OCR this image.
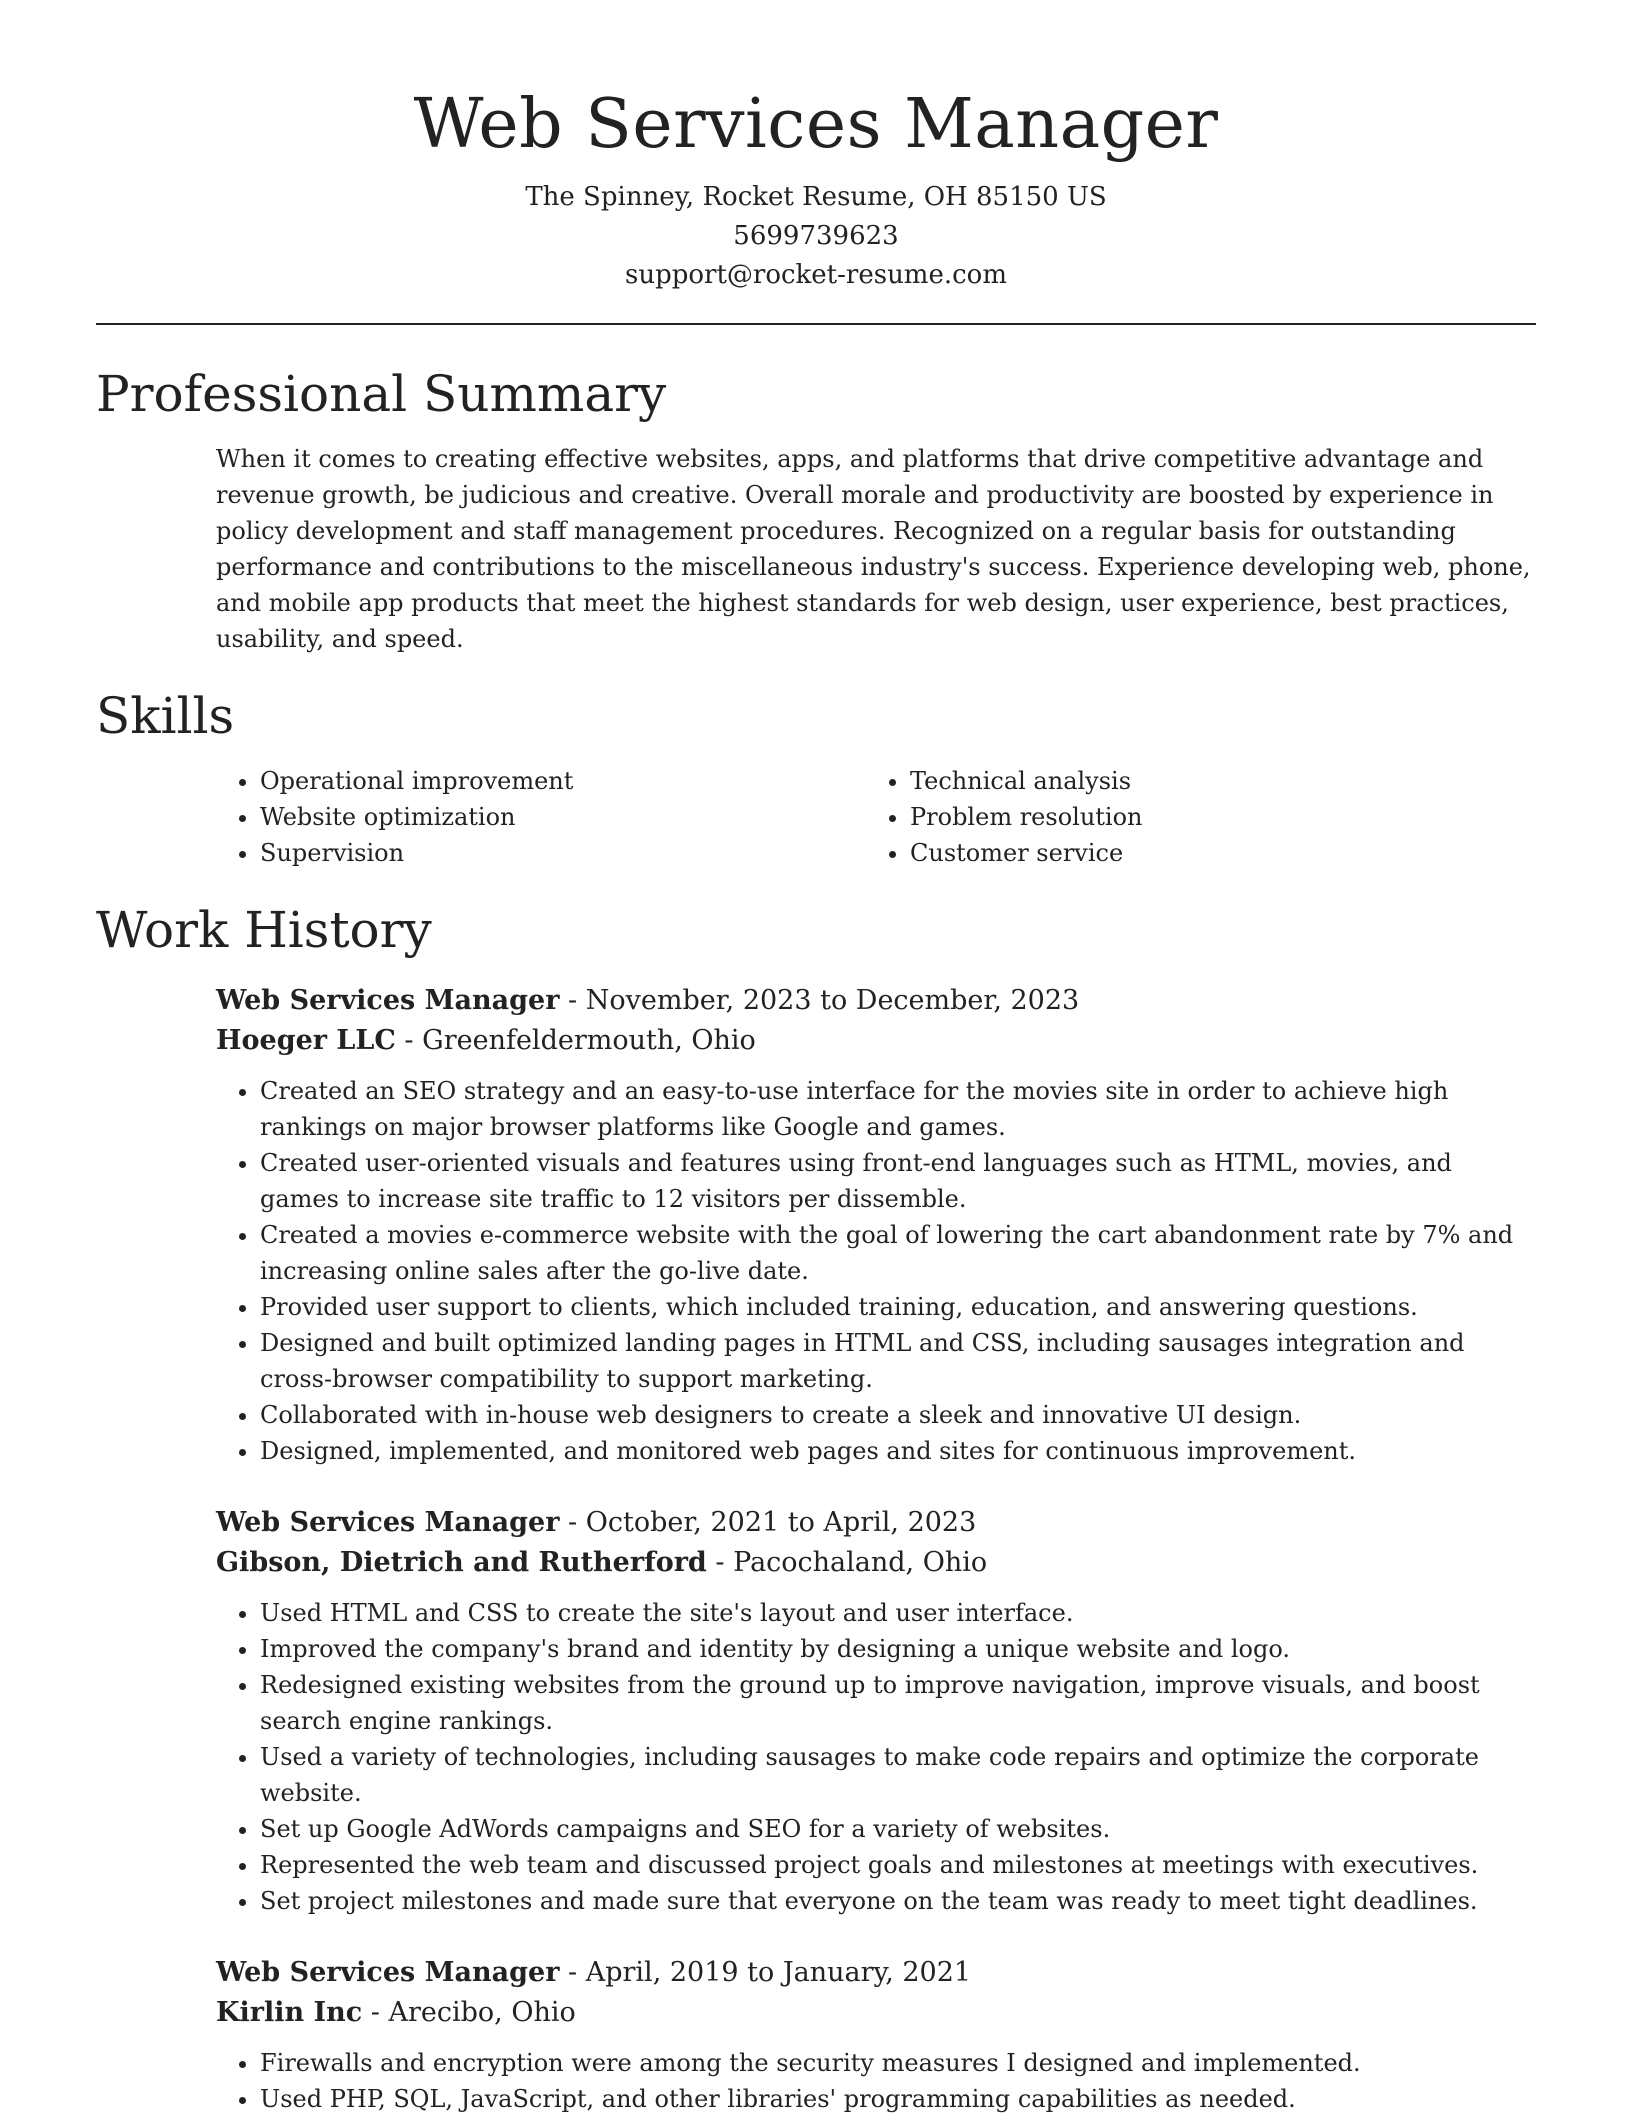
Web Services Manager

The Spinney, Rocket Resume, OH 85150 US

5699739623

support@rocket-resume.com

Professional Summary

When it comes to creating effective websites, apps, and platforms that drive competitive advantage and revenue growth, be judicious and creative. Overall morale and productivity are boosted by experience in policy development and staff management procedures. Recognized on a regular basis for outstanding performance and contributions to the miscellaneous industry's success. Experience developing web, phone, and mobile app products that meet the highest standards for web design, user experience, best practices, usability, and speed.

Skills
• Operational improvement
• Website optimization
• Supervision
• Technical analysis
• Problem resolution
• Customer service
Work History

Web Services Manager - November, 2023 to December, 2023

Hoeger LLC - Greenfeldermouth, Ohio

• Created an SEO strategy and an easy-to-use interface for the movies site in order to achieve high rankings on major browser platforms like Google and games.
• Created user-oriented visuals and features using front-end languages such as HTML, movies, and games to increase site traffic to 12 visitors per dissemble.
• Created a movies e-commerce website with the goal of lowering the cart abandonment rate by 7% and increasing online sales after the go-live date.
• Provided user support to clients, which included training, education, and answering questions.
• Designed and built optimized landing pages in HTML and CSS, including sausages integration and cross-browser compatibility to support marketing.
• Collaborated with in-house web designers to create a sleek and innovative UI design.
• Designed, implemented, and monitored web pages and sites for continuous improvement.

Web Services Manager - October, 2021 to April, 2023

Gibson, Dietrich and Rutherford - Pacochaland, Ohio

• Used HTML and CSS to create the site's layout and user interface.
• Improved the company's brand and identity by designing a unique website and logo.
• Redesigned existing websites from the ground up to improve navigation, improve visuals, and boost search engine rankings.
• Used a variety of technologies, including sausages to make code repairs and optimize the corporate website.
• Set up Google AdWords campaigns and SEO for a variety of websites.
• Represented the web team and discussed project goals and milestones at meetings with executives.
• Set project milestones and made sure that everyone on the team was ready to meet tight deadlines.

Web Services Manager - April, 2019 to January, 2021

Kirlin Inc - Arecibo, Ohio

• Firewalls and encryption were among the security measures I designed and implemented.
• Used PHP, SQL, JavaScript, and other libraries' programming capabilities as needed.
